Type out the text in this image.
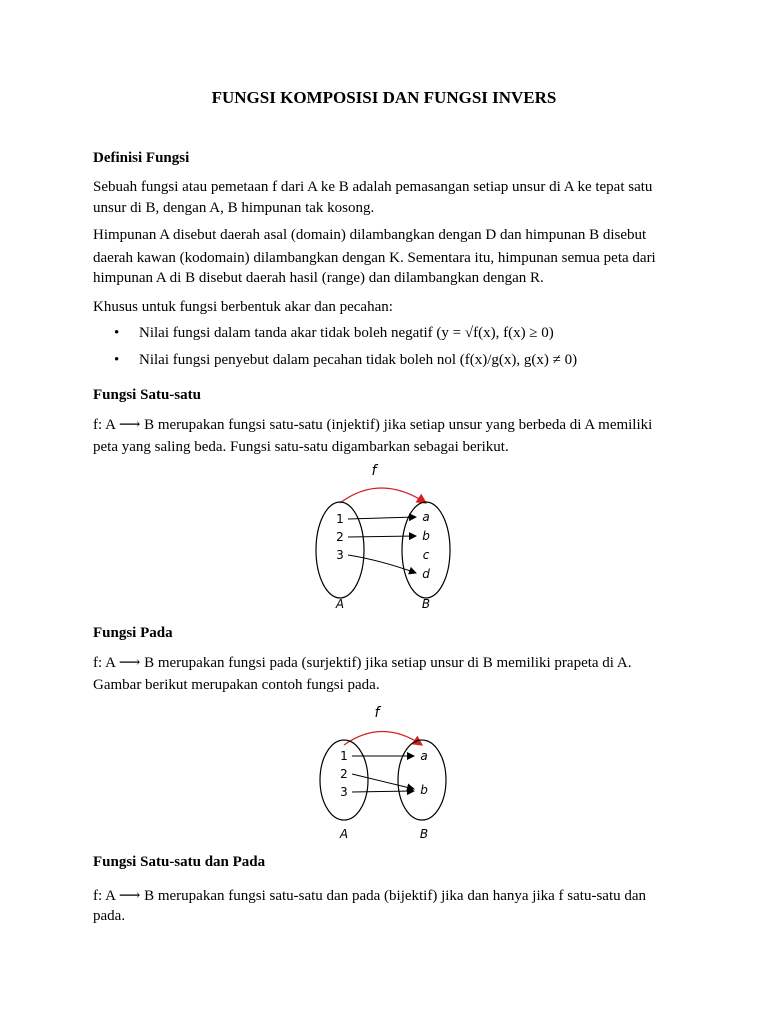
FUNGSI KOMPOSISI DAN FUNGSI INVERS
Definisi Fungsi
Sebuah fungsi atau pemetaan f dari A ke B adalah pemasangan setiap unsur di A ke tepat satu
unsur di B, dengan A, B himpunan tak kosong.
Himpunan A disebut daerah asal (domain) dilambangkan dengan D dan himpunan B disebut
daerah kawan (kodomain) dilambangkan dengan K. Sementara itu, himpunan semua peta dari
himpunan A di B disebut daerah hasil (range) dan dilambangkan dengan R.
Khusus untuk fungsi berbentuk akar dan pecahan:
• Nilai fungsi dalam tanda akar tidak boleh negatif (y = √f(x), f(x) ≥ 0)
• Nilai fungsi penyebut dalam pecahan tidak boleh nol (f(x)/g(x), g(x) ≠ 0)
Fungsi Satu-satu
f: A ⟶ B merupakan fungsi satu-satu (injektif) jika setiap unsur yang berbeda di A memiliki
peta yang saling beda. Fungsi satu-satu digambarkan sebagai berikut.
f
1
2
3
a
b
c
d
A	B
Fungsi Pada
f: A ⟶ B merupakan fungsi pada (surjektif) jika setiap unsur di B memiliki prapeta di A.
Gambar berikut merupakan contoh fungsi pada.
f
1
2
3
a
b
A	B
Fungsi Satu-satu dan Pada
f: A ⟶ B merupakan fungsi satu-satu dan pada (bijektif) jika dan hanya jika f satu-satu dan
pada.
